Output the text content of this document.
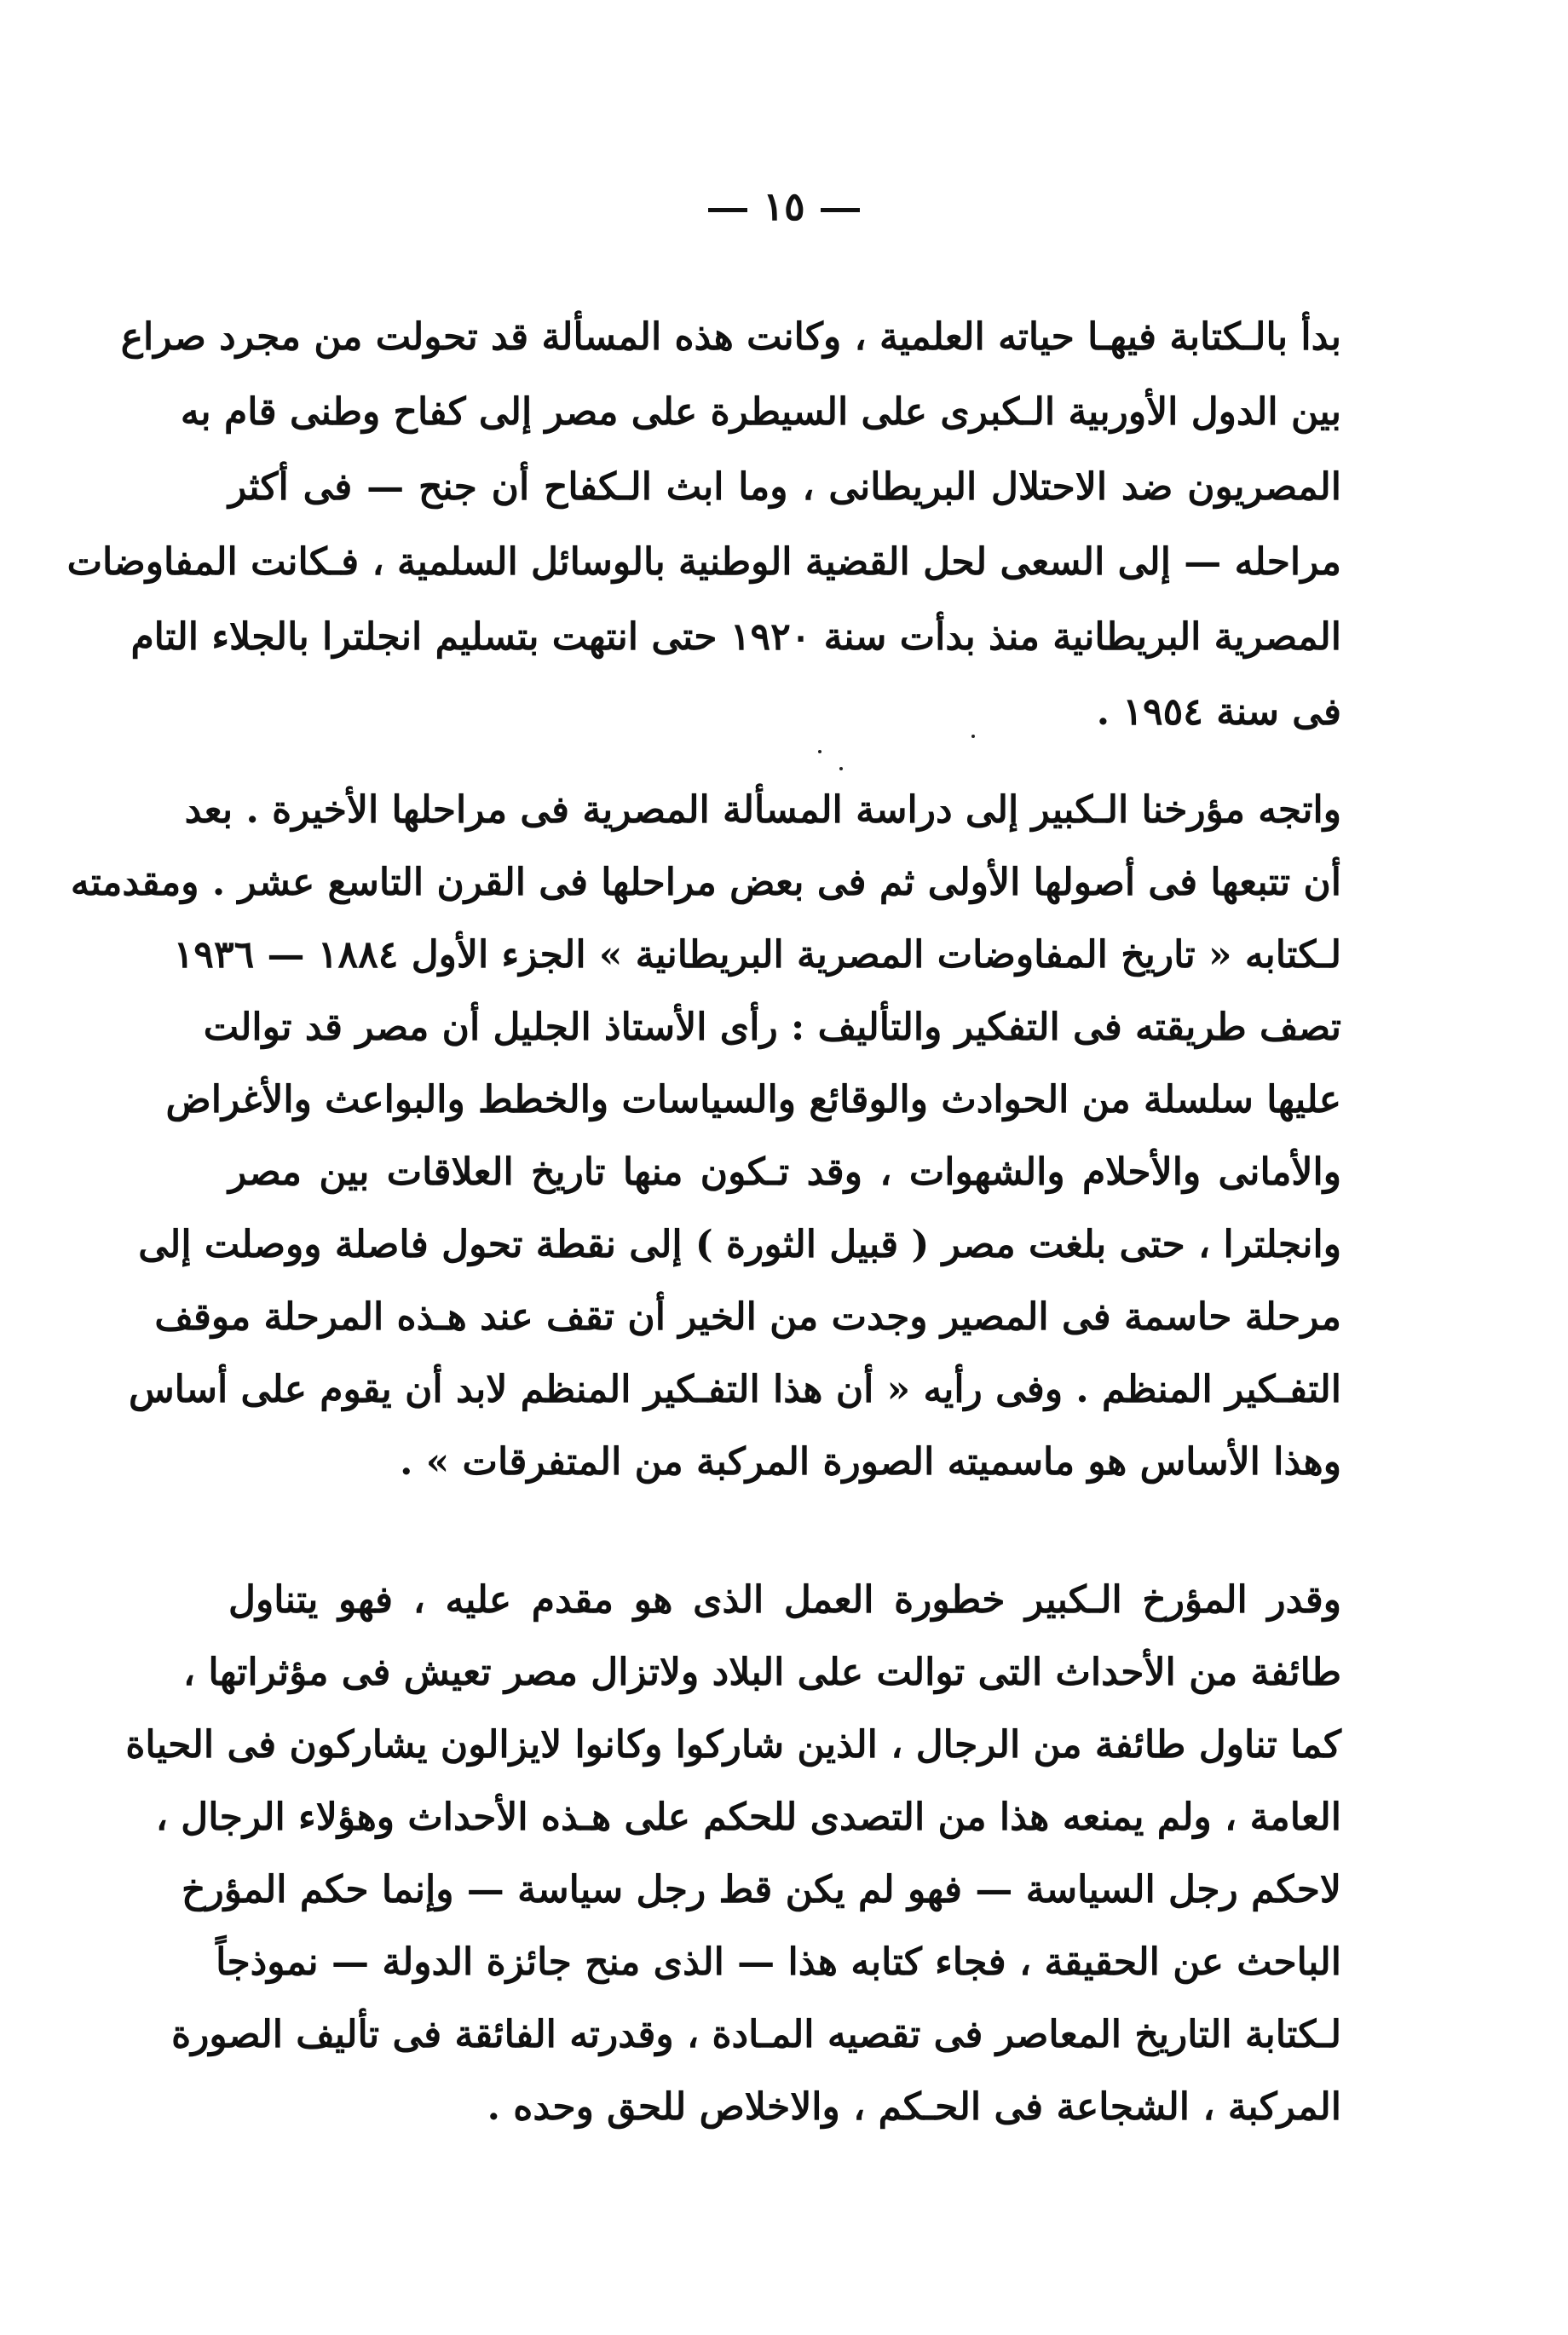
١٥
بدأ بالـكتابة فيهـا حياته العلمية ، وكانت هذه المسألة قد تحولت من مجرد صراع
بين الدول الأوربية الـكبرى على السيطرة على مصر إلى كفاح وطنى قام به
المصريون ضد الاحتلال البريطانى ، وما ابث الـكفاح أن جنح — فى أكثر
مراحله — إلى السعى لحل القضية الوطنية بالوسائل السلمية ، فـكانت المفاوضات
المصرية البريطانية منذ بدأت سنة ١٩٢٠ حتى انتهت بتسليم انجلترا بالجلاء التام
فى سنة ١٩٥٤ .
واتجه مؤرخنا الـكبير إلى دراسة المسألة المصرية فى مراحلها الأخيرة . بعد
أن تتبعها فى أصولها الأولى ثم فى بعض مراحلها فى القرن التاسع عشر . ومقدمته
لـكتابه « تاريخ المفاوضات المصرية البريطانية » الجزء الأول ١٨٨٤ — ١٩٣٦
تصف طريقته فى التفكير والتأليف : رأى الأستاذ الجليل أن مصر قد توالت
عليها سلسلة من الحوادث والوقائع والسياسات والخطط والبواعث والأغراض
والأمانى والأحلام والشهوات ، وقد تـكون منها تاريخ العلاقات بين مصر
وانجلترا ، حتى بلغت مصر ( قبيل الثورة ) إلى نقطة تحول فاصلة ووصلت إلى
مرحلة حاسمة فى المصير وجدت من الخير أن تقف عند هـذه المرحلة موقف
التفـكير المنظم . وفى رأيه « أن هذا التفـكير المنظم لابد أن يقوم على أساس
وهذا الأساس هو ماسميته الصورة المركبة من المتفرقات » .
وقدر المؤرخ الـكبير خطورة العمل الذى هو مقدم عليه ، فهو يتناول
طائفة من الأحداث التى توالت على البلاد ولاتزال مصر تعيش فى مؤثراتها ،
كما تناول طائفة من الرجال ، الذين شاركوا وكانوا لايزالون يشاركون فى الحياة
العامة ، ولم يمنعه هذا من التصدى للحكم على هـذه الأحداث وهؤلاء الرجال ،
لاحكم رجل السياسة — فهو لم يكن قط رجل سياسة — وإنما حكم المؤرخ
الباحث عن الحقيقة ، فجاء كتابه هذا — الذى منح جائزة الدولة — نموذجاً
لـكتابة التاريخ المعاصر فى تقصيه المـادة ، وقدرته الفائقة فى تأليف الصورة
المركبة ، الشجاعة فى الحـكم ، والاخلاص للحق وحده .
